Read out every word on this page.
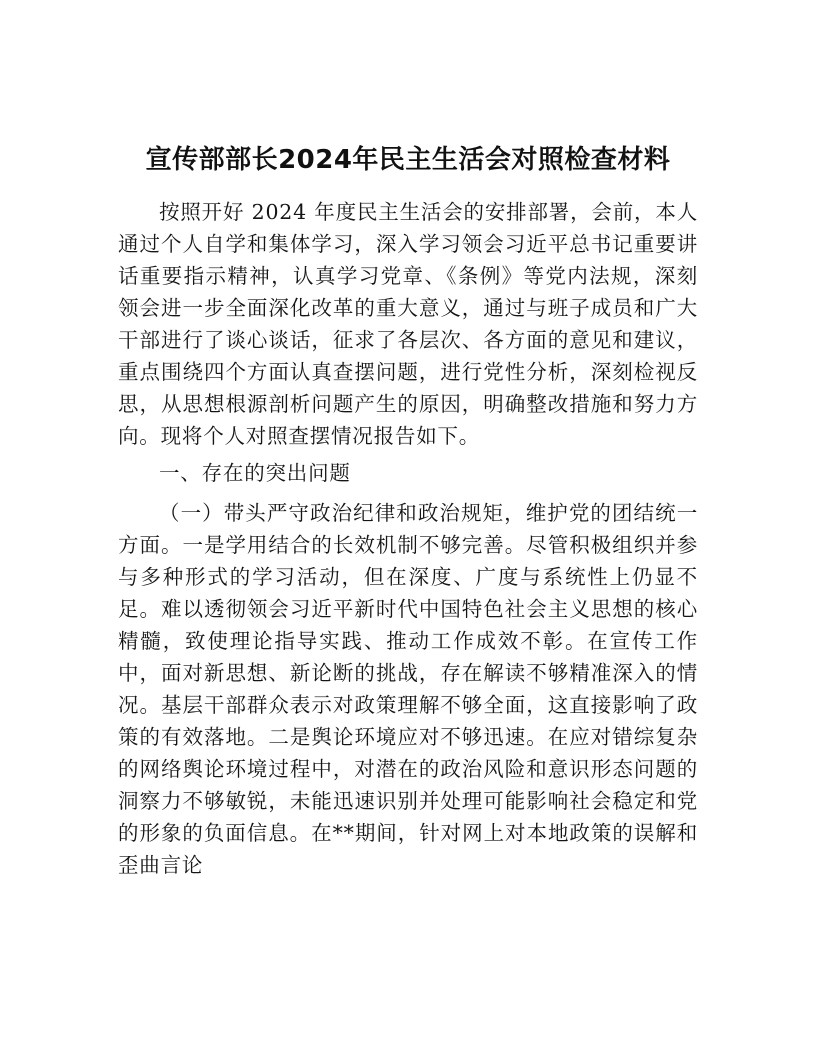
宣传部部长2024年民主生活会对照检查材料

按照开好 2024 年度民主生活会的安排部署，会前，本人通过个人自学和集体学习，深入学习领会习近平总书记重要讲话重要指示精神，认真学习党章、《条例》等党内法规，深刻领会进一步全面深化改革的重大意义，通过与班子成员和广大干部进行了谈心谈话，征求了各层次、各方面的意见和建议，重点围绕四个方面认真查摆问题，进行党性分析，深刻检视反思，从思想根源剖析问题产生的原因，明确整改措施和努力方向。现将个人对照查摆情况报告如下。

一、存在的突出问题

（一）带头严守政治纪律和政治规矩，维护党的团结统一方面。一是学用结合的长效机制不够完善。尽管积极组织并参与多种形式的学习活动，但在深度、广度与系统性上仍显不足。难以透彻领会习近平新时代中国特色社会主义思想的核心精髓，致使理论指导实践、推动工作成效不彰。在宣传工作中，面对新思想、新论断的挑战，存在解读不够精准深入的情况。基层干部群众表示对政策理解不够全面，这直接影响了政策的有效落地。二是舆论环境应对不够迅速。在应对错综复杂的网络舆论环境过程中，对潜在的政治风险和意识形态问题的洞察力不够敏锐，未能迅速识别并处理可能影响社会稳定和党的形象的负面信息。在**期间，针对网上对本地政策的误解和歪曲言论
